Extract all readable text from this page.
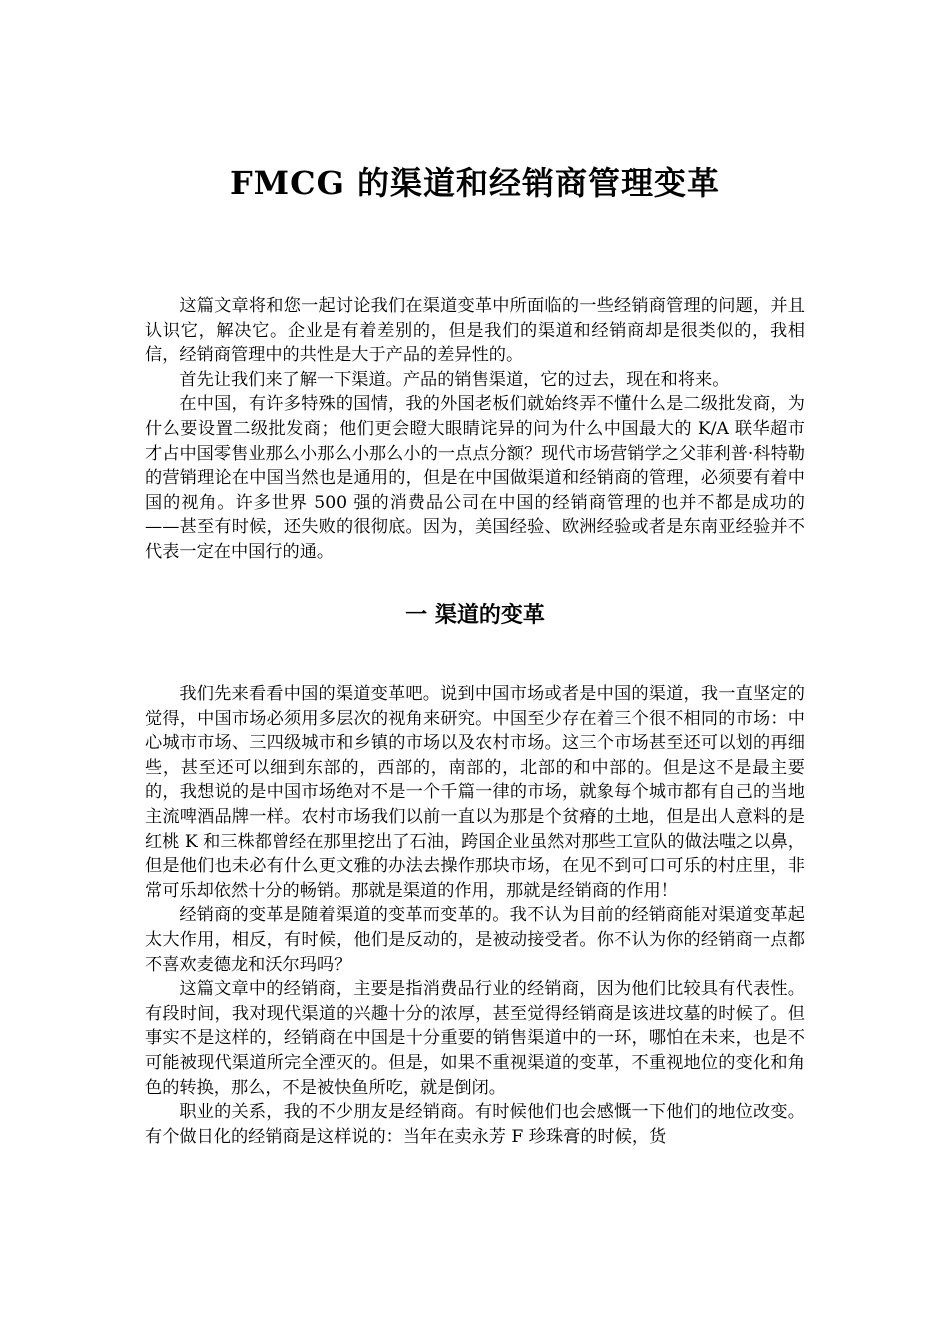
FMCG 的渠道和经销商管理变革

这篇文章将和您一起讨论我们在渠道变革中所面临的一些经销商管理的问题，并且认识它，解决它。企业是有着差别的，但是我们的渠道和经销商却是很类似的，我相信，经销商管理中的共性是大于产品的差异性的。

首先让我们来了解一下渠道。产品的销售渠道，它的过去，现在和将来。

在中国，有许多特殊的国情，我的外国老板们就始终弄不懂什么是二级批发商，为什么要设置二级批发商；他们更会瞪大眼睛诧异的问为什么中国最大的 K/A 联华超市才占中国零售业那么小那么小那么小的一点点分额？现代市场营销学之父菲利普·科特勒的营销理论在中国当然也是通用的，但是在中国做渠道和经销商的管理，必须要有着中国的视角。许多世界 500 强的消费品公司在中国的经销商管理的也并不都是成功的——甚至有时候，还失败的很彻底。因为，美国经验、欧洲经验或者是东南亚经验并不代表一定在中国行的通。

一 渠道的变革

我们先来看看中国的渠道变革吧。说到中国市场或者是中国的渠道，我一直坚定的觉得，中国市场必须用多层次的视角来研究。中国至少存在着三个很不相同的市场：中心城市市场、三四级城市和乡镇的市场以及农村市场。这三个市场甚至还可以划的再细些，甚至还可以细到东部的，西部的，南部的，北部的和中部的。但是这不是最主要的，我想说的是中国市场绝对不是一个千篇一律的市场，就象每个城市都有自己的当地主流啤酒品牌一样。农村市场我们以前一直以为那是个贫瘠的土地，但是出人意料的是红桃 K 和三株都曾经在那里挖出了石油，跨国企业虽然对那些工宣队的做法嗤之以鼻，但是他们也未必有什么更文雅的办法去操作那块市场，在见不到可口可乐的村庄里，非常可乐却依然十分的畅销。那就是渠道的作用，那就是经销商的作用！

经销商的变革是随着渠道的变革而变革的。我不认为目前的经销商能对渠道变革起太大作用，相反，有时候，他们是反动的，是被动接受者。你不认为你的经销商一点都不喜欢麦德龙和沃尔玛吗？

这篇文章中的经销商，主要是指消费品行业的经销商，因为他们比较具有代表性。有段时间，我对现代渠道的兴趣十分的浓厚，甚至觉得经销商是该进坟墓的时候了。但事实不是这样的，经销商在中国是十分重要的销售渠道中的一环，哪怕在未来，也是不可能被现代渠道所完全湮灭的。但是，如果不重视渠道的变革，不重视地位的变化和角色的转换，那么，不是被快鱼所吃，就是倒闭。

职业的关系，我的不少朋友是经销商。有时候他们也会感慨一下他们的地位改变。有个做日化的经销商是这样说的：当年在卖永芳 F 珍珠膏的时候，货
